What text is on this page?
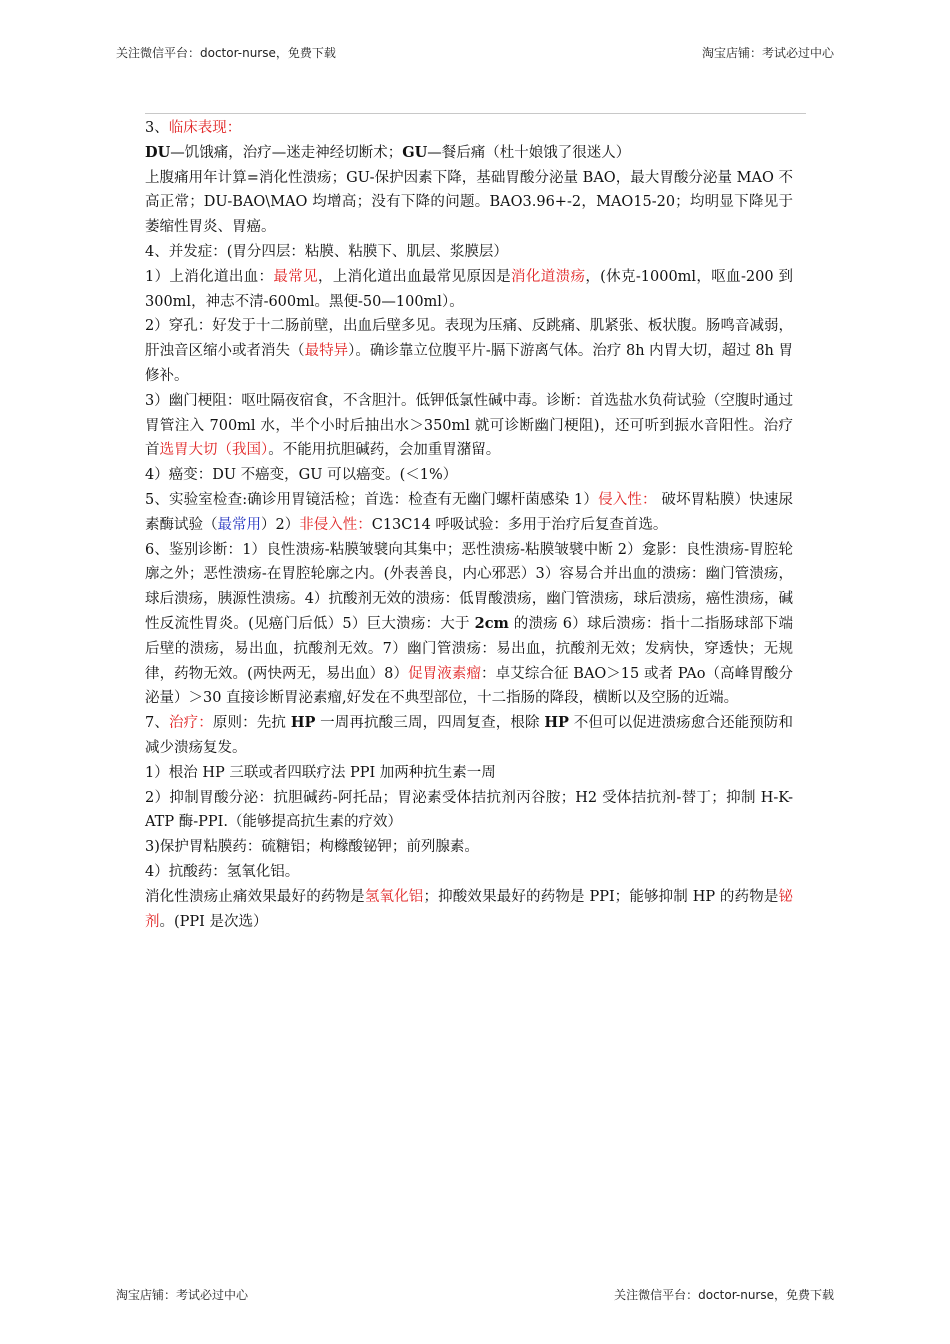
关注微信平台：doctor-nurse，免费下载	淘宝店铺：考试必过中心

3、临床表现：

DU—饥饿痛，治疗—迷走神经切断术；GU—餐后痛（杜十娘饿了很迷人）

上腹痛用年计算=消化性溃疡；GU-保护因素下降，基础胃酸分泌量 BAO，最大胃酸分泌量 MAO 不高正常；DU-BAO\MAO 均增高；没有下降的问题。BAO3.96+-2，MAO15-20；均明显下降见于萎缩性胃炎、胃癌。

4、并发症：(胃分四层：粘膜、粘膜下、肌层、浆膜层）

1）上消化道出血：最常见，上消化道出血最常见原因是消化道溃疡，(休克-1000ml，呕血-200 到 300ml，神志不清-600ml。黑便-50—100ml）。

2）穿孔：好发于十二肠前壁，出血后壁多见。表现为压痛、反跳痛、肌紧张、板状腹。肠鸣音减弱，肝浊音区缩小或者消失（最特异）。确诊靠立位腹平片-膈下游离气体。治疗 8h 内胃大切，超过 8h 胃修补。

3）幽门梗阻：呕吐隔夜宿食，不含胆汁。低钾低氯性碱中毒。诊断：首选盐水负荷试验（空腹时通过胃管注入 700ml 水，半个小时后抽出水＞350ml 就可诊断幽门梗阻)，还可听到振水音阳性。治疗首选胃大切（我国）。不能用抗胆碱药，会加重胃潴留。

4）癌变：DU 不癌变，GU 可以癌变。(＜1%）

5、实验室检查:确诊用胃镜活检；首选：检查有无幽门螺杆菌感染 1）侵入性： 破坏胃粘膜）快速尿素酶试验（最常用）2）非侵入性：C13C14 呼吸试验：多用于治疗后复查首选。

6、鉴别诊断：1）良性溃疡-粘膜皱襞向其集中；恶性溃疡-粘膜皱襞中断 2）龛影：良性溃疡-胃腔轮廓之外；恶性溃疡-在胃腔轮廓之内。(外表善良，内心邪恶）3）容易合并出血的溃疡：幽门管溃疡，球后溃疡，胰源性溃疡。4）抗酸剂无效的溃疡：低胃酸溃疡，幽门管溃疡，球后溃疡，癌性溃疡，碱性反流性胃炎。(见癌门后低）5）巨大溃疡：大于 2cm 的溃疡 6）球后溃疡：指十二指肠球部下端后壁的溃疡，易出血，抗酸剂无效。7）幽门管溃疡：易出血，抗酸剂无效；发病快，穿透快；无规律，药物无效。(两快两无，易出血）8）促胃液素瘤：卓艾综合征 BAO＞15 或者 PAo（高峰胃酸分泌量）＞30 直接诊断胃泌素瘤,好发在不典型部位，十二指肠的降段，横断以及空肠的近端。

7、治疗：原则：先抗 HP 一周再抗酸三周，四周复查，根除 HP 不但可以促进溃疡愈合还能预防和减少溃疡复发。

1）根治 HP 三联或者四联疗法 PPI 加两种抗生素一周

2）抑制胃酸分泌：抗胆碱药-阿托品；胃泌素受体拮抗剂丙谷胺；H2 受体拮抗剂-替丁；抑制 H-K-ATP 酶-PPI.（能够提高抗生素的疗效）

3)保护胃粘膜药：硫糖铝；枸橼酸铋钾；前列腺素。

4）抗酸药：氢氧化铝。

消化性溃疡止痛效果最好的药物是氢氧化铝；抑酸效果最好的药物是 PPI；能够抑制 HP 的药物是铋剂。(PPI 是次选）

淘宝店铺：考试必过中心	关注微信平台：doctor-nurse，免费下载
